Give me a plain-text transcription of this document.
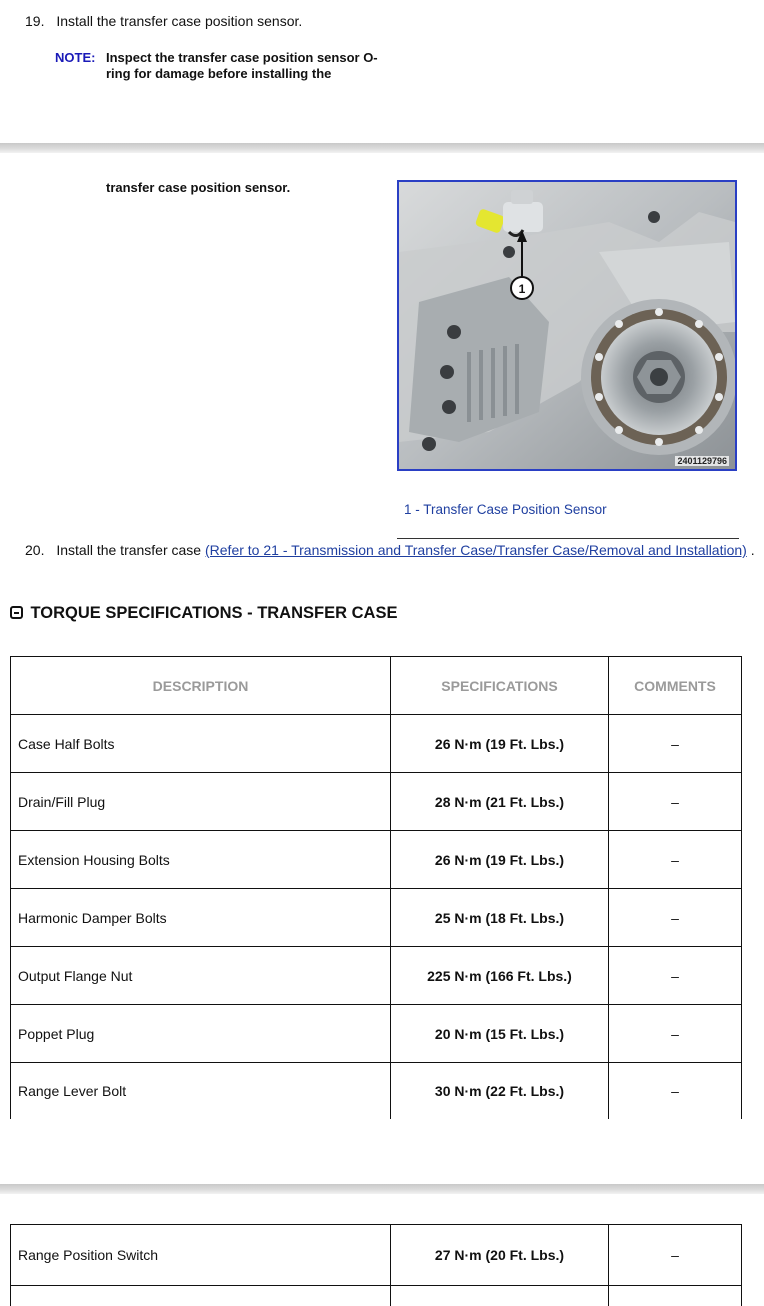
19. Install the transfer case position sensor.
NOTE: Inspect the transfer case position sensor O-
ring for damage before installing the
transfer case position sensor.
1
2401129796
1 - Transfer Case Position Sensor
20. Install the transfer case (Refer to 21 - Transmission and Transfer Case/Transfer Case/Removal and Installation) .
TORQUE SPECIFICATIONS - TRANSFER CASE
DESCRIPTION	SPECIFICATIONS	COMMENTS
Case Half Bolts	26 N·m (19 Ft. Lbs.)	–
Drain/Fill Plug	28 N·m (21 Ft. Lbs.)	–
Extension Housing Bolts	26 N·m (19 Ft. Lbs.)	–
Harmonic Damper Bolts	25 N·m (18 Ft. Lbs.)	–
Output Flange Nut	225 N·m (166 Ft. Lbs.)	–
Poppet Plug	20 N·m (15 Ft. Lbs.)	–
Range Lever Bolt	30 N·m (22 Ft. Lbs.)	–
Range Position Switch	27 N·m (20 Ft. Lbs.)	–
